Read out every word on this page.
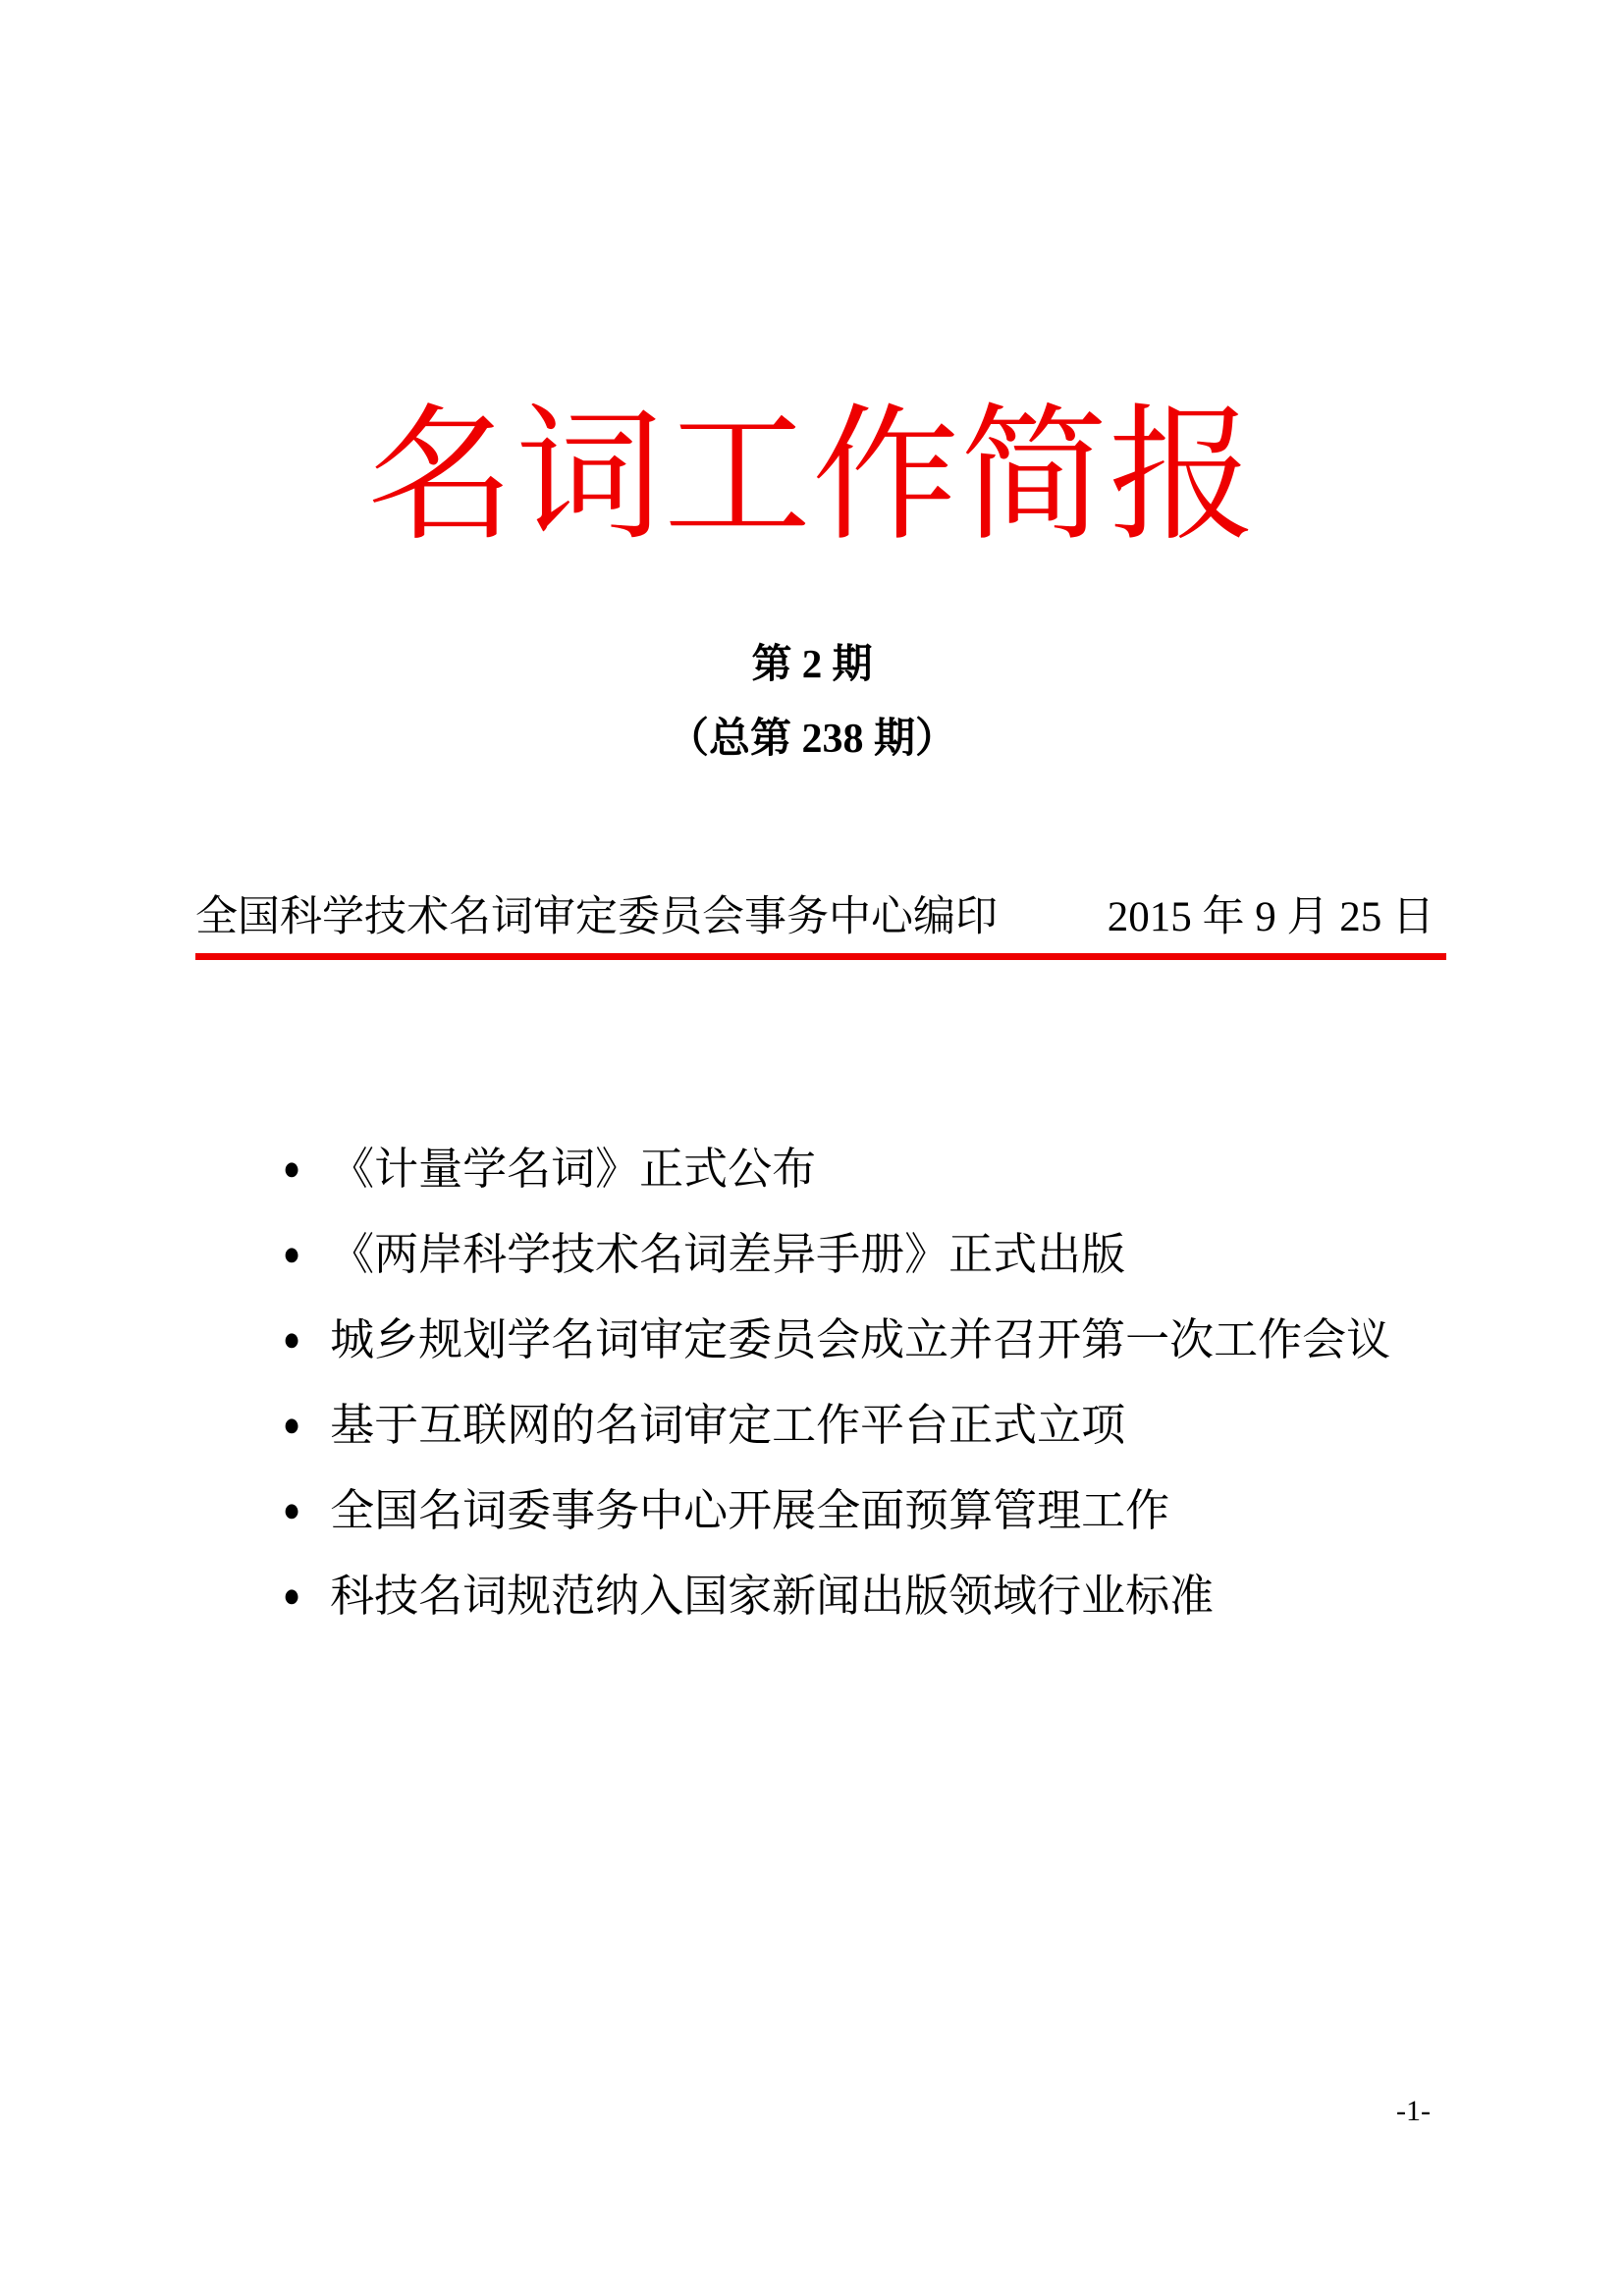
名词工作简报
第 2 期
（总第 238 期）
全国科学技术名词审定委员会事务中心编印	2015 年 9 月 25 日
● 《计量学名词》正式公布
● 《两岸科学技术名词差异手册》正式出版
● 城乡规划学名词审定委员会成立并召开第一次工作会议
● 基于互联网的名词审定工作平台正式立项
● 全国名词委事务中心开展全面预算管理工作
● 科技名词规范纳入国家新闻出版领域行业标准
-1-
